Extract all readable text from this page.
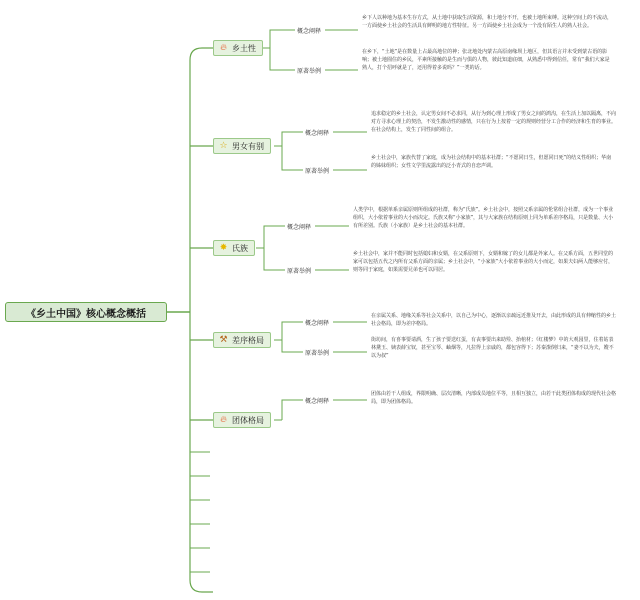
《乡土中国》核心概念概括
🔥︎ 乡土性
概念阐释
乡下人以种地为基本生存方式，从土地中获取生活资源，和土地分不开，也被土地所束缚。这种空间上的不流动，一方面使乡土社会的生活具有鲜明的地方性特征。另一方面使乡土社会成为一个没有陌生人的熟人社会。
原著举例
在乡下，“土地”是在数量上占最高地位的神；张北地处内蒙古高原南缘坝上地区，但其语言并未受到蒙古语的影响；被土地囿住的乡民，平素所接触的是生而与俱的人物，彼此知道底细，从熟悉中得到信任，常有“我们大家是熟人，打个招呼就是了，还用得着多说吗？”一类的话。
☆ 男女有别
概念阐释
追求稳定的乡土社会，认定男女间不必求同，从行为到心理上形成了男女之间的鸿沟，在生活上加以隔离，不向对方寻求心理上的契洽，不发生激动性的感情，只在行为上按着一定的规则经营分工合作的经济和生育的事业。在社会结构上，发生了同性间的组合。
原著举例
乡土社会中，家族代替了家庭，成为社会结构中的基本社群；“不愿同日生，但愿同日死”的结义性组织；华南的姊妹组织；女性文学里流露出的泛小青式的自恋声调。
✸ 氏族
概念阐释
人类学中，根据单系亲属原则所组成的社群，称为“氏族”。乡土社会中，按照父系亲属的伦常组合社群，成为一个事业组织，大小依着事业的大小而决定。氏族又称“小家族”，其与大家族在结构原则上同为单系差序格局，只是数量、大小有所差别。氏族（小家族）是乡土社会的基本社群。
原著举例
乡土社会中，家并不能同时包括媳妇和女婿，在父系原则下，女婿和嫁了的女儿都是外家人。在父系方面，五世同堂的家可以包括五代之内所有父系方面的亲属；乡土社会中，“小家族”大小依着事业的大小而定，如果夫妇两人能够应付，则等同于家庭，如果需要兄弟也可以同居。
⚒ 差序格局
概念阐释
在亲属关系、地缘关系等社会关系中，以自己为中心，逐渐以亲疏远近推及开去，由此形成的具有伸缩性的乡土社会格局，即为差序格局。
原著举例
街坊间，有喜事要请酒，生了孩子要送红蛋，有丧事要出来助殓、抬棺材；《红楼梦》中的大观园里，住着姑表林黛玉、姨表薛宝钗，甚至宝琴、岫烟等，凡拉得上亲戚的，都包容得下；苏秦潦倒归来，“妻不以为夫，嫂不以为叔”
🔥︎ 团体格局
概念阐释
团体由若干人组成，界限明确、层次清晰，内部成员地位平等，且相互独立，由若干此类团体构成的现代社会格局，即为团体格局。
